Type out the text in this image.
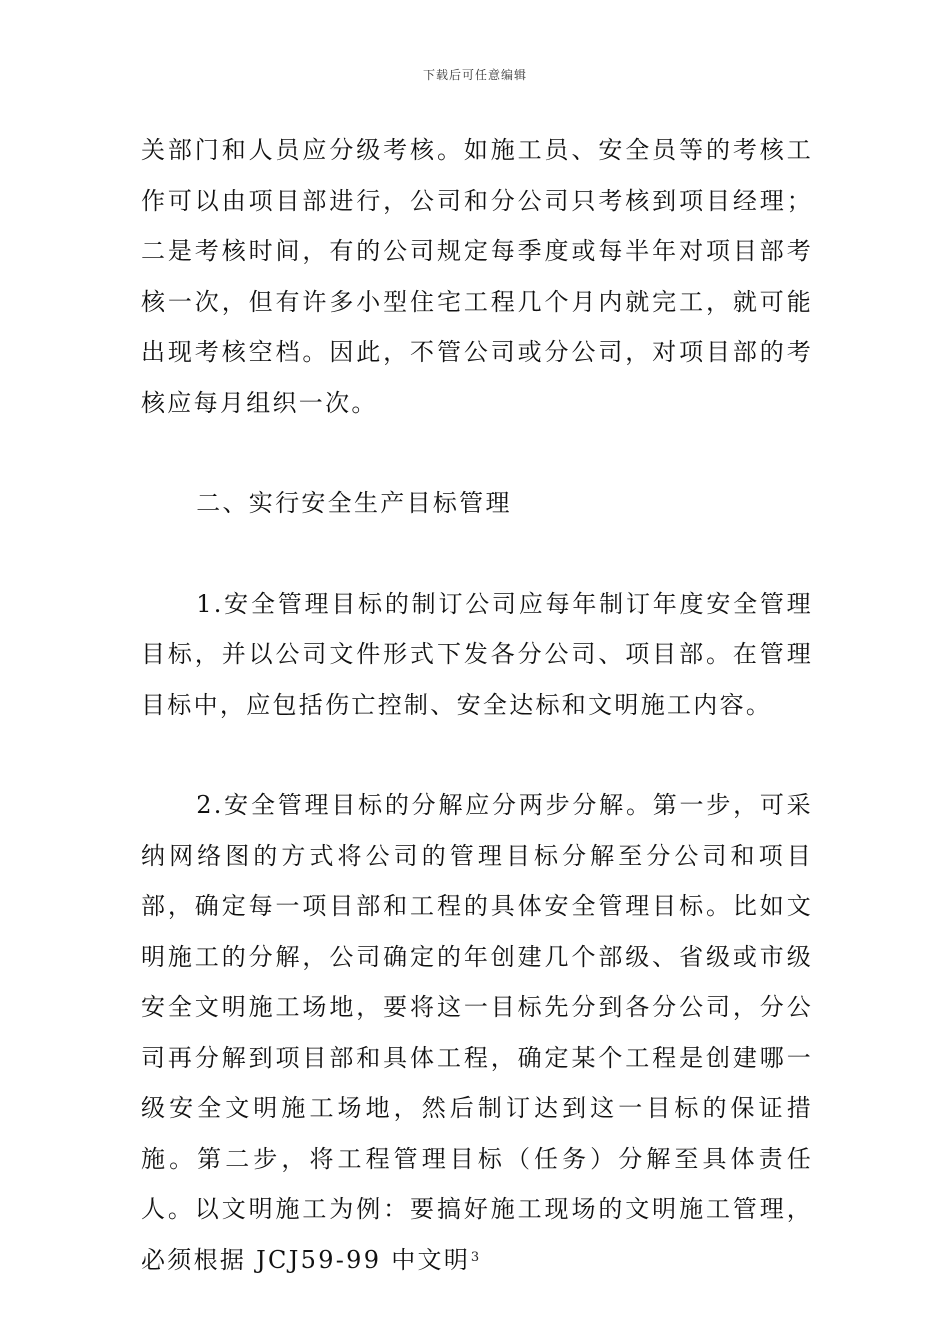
下载后可任意编辑

关部门和人员应分级考核。如施工员、安全员等的考核工作可以由项目部进行，公司和分公司只考核到项目经理；二是考核时间，有的公司规定每季度或每半年对项目部考核一次，但有许多小型住宅工程几个月内就完工，就可能出现考核空档。因此，不管公司或分公司，对项目部的考核应每月组织一次。

二、实行安全生产目标管理

1.安全管理目标的制订公司应每年制订年度安全管理目标，并以公司文件形式下发各分公司、项目部。在管理目标中，应包括伤亡控制、安全达标和文明施工内容。

2.安全管理目标的分解应分两步分解。第一步，可采纳网络图的方式将公司的管理目标分解至分公司和项目部，确定每一项目部和工程的具体安全管理目标。比如文明施工的分解，公司确定的年创建几个部级、省级或市级安全文明施工场地，要将这一目标先分到各分公司，分公司再分解到项目部和具体工程，确定某个工程是创建哪一级安全文明施工场地，然后制订达到这一目标的保证措施。第二步，将工程管理目标（任务）分解至具体责任人。以文明施工为例：要搞好施工现场的文明施工管理，必须根据 JCJ59-99 中文明 3
